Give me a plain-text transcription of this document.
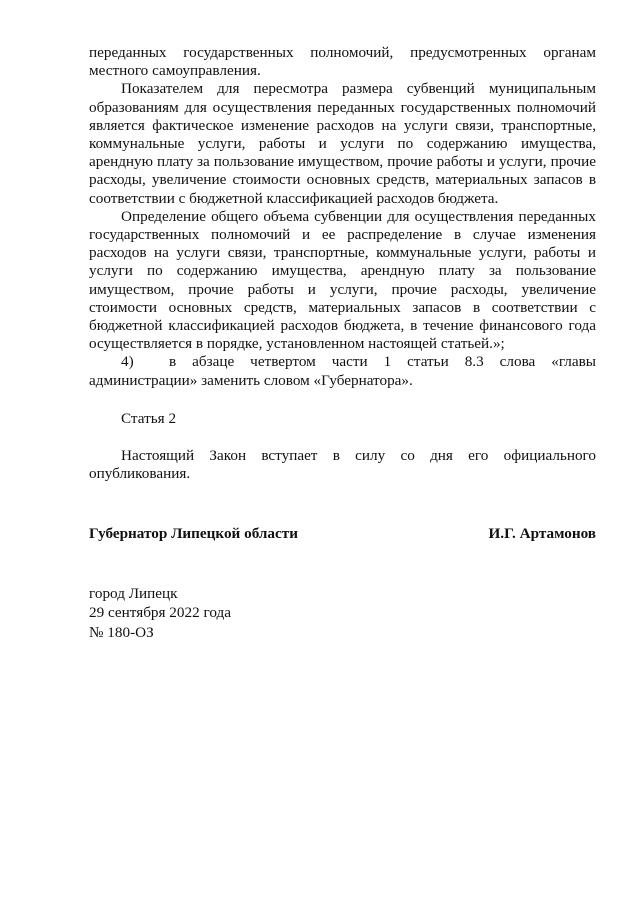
переданных государственных полномочий, предусмотренных органам местного самоуправления.

Показателем для пересмотра размера субвенций муниципальным образованиям для осуществления переданных государственных полномочий является фактическое изменение расходов на услуги связи, транспортные, коммунальные услуги, работы и услуги по содержанию имущества, арендную плату за пользование имуществом, прочие работы и услуги, прочие расходы, увеличение стоимости основных средств, материальных запасов в соответствии с бюджетной классификацией расходов бюджета.

Определение общего объема субвенции для осуществления переданных государственных полномочий и ее распределение в случае изменения расходов на услуги связи, транспортные, коммунальные услуги, работы и услуги по содержанию имущества, арендную плату за пользование имуществом, прочие работы и услуги, прочие расходы, увеличение стоимости основных средств, материальных запасов в соответствии с бюджетной классификацией расходов бюджета, в течение финансового года осуществляется в порядке, установленном настоящей статьей.»;

4) в абзаце четвертом части 1 статьи 8.3 слова «главы администрации» заменить словом «Губернатора».

Статья 2

Настоящий Закон вступает в силу со дня его официального опубликования.

Губернатор Липецкой области	И.Г. Артамонов
город Липецк
29 сентября 2022 года
№ 180-ОЗ
